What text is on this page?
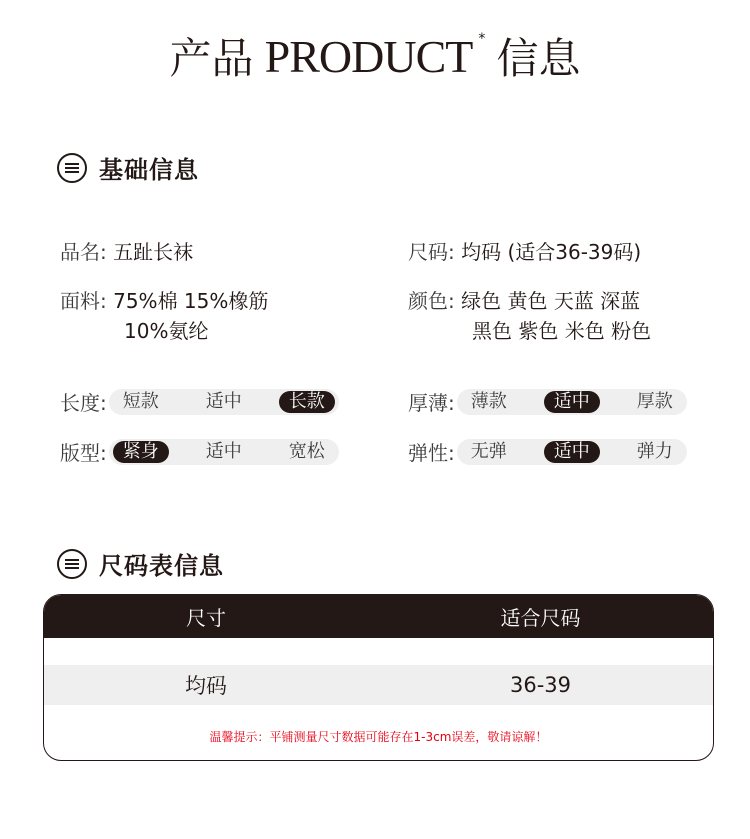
产品 PRODUCT * 信息
基础信息
品名: 五趾长袜	尺码: 均码 (适合36-39码)
面料: 75%棉 15%橡筋
10%氨纶
颜色: 绿色 黄色 天蓝 深蓝
黑色 紫色 米色 粉色
长度: 短款	适中	长款	厚薄: 薄款	适中	厚款
版型: 紧身	适中	宽松	弹性: 无弹	适中	弹力
尺码表信息
尺寸	适合尺码
均码	36-39
温馨提示：平铺测量尺寸数据可能存在1-3cm误差，敬请谅解！
